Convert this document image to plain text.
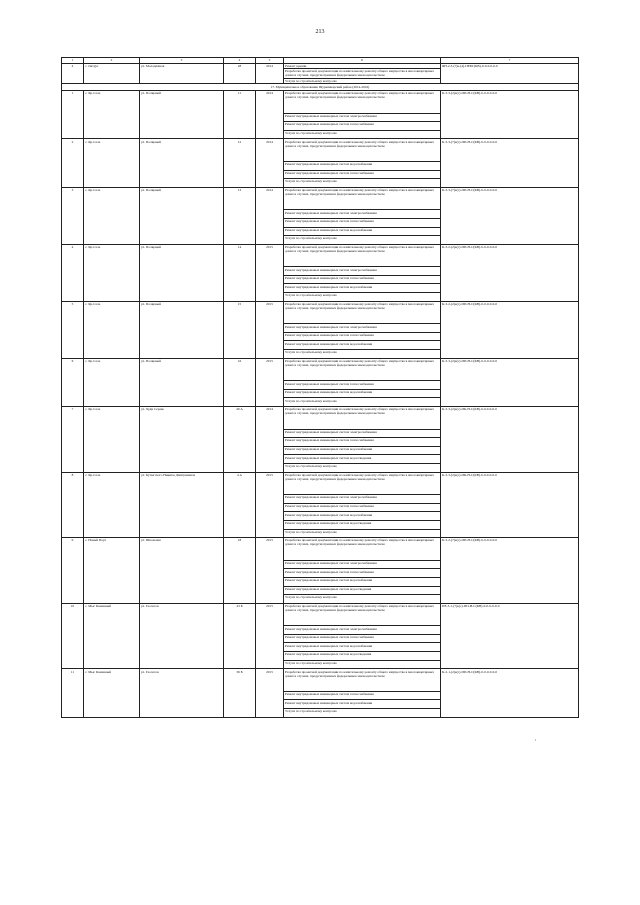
213
1	2	3	4	5	6	7
4	с. Октург	ул. Молодёжная	28	2014	Ремонт крыши	ЯН-2-3-(7)к-(4)-ПЕБС(КВ)-0-0-0-0-0-0
					Разработка проектной документации по капитальному ремонту общего имущества в многоквартирных домах в случаях, предусмотренных федеральным законодательством	
					Услуги по строительному контролю	
17. Муниципальное образование Шурышкарский район (2014-2016)						
1	с. Яр-Сале	ул. Полярный	11	2014	Разработка проектной документации по капитальному ремонту общего имущества в многоквартирных домах в случаях, предусмотренных федеральным законодательством	К-3-3-(2)к(с)-ПП-Н-С(КВ)-0-0-0-0-0-0
					Ремонт внутридомовых инженерных систем электроснабжения	
					Ремонт внутридомовых инженерных систем теплоснабжения	
					Услуги по строительному контролю	
2	с. Яр-Сале	ул. Полярный	12	2014	Разработка проектной документации по капитальному ремонту общего имущества в многоквартирных домах в случаях, предусмотренных федеральным законодательством	К-3-3-(7)к(с)-ПП-Н-С(КВ)-0-0-0-0-0-0
					Ремонт внутридомовых инженерных систем водоснабжения	
					Ремонт внутридомовых инженерных систем теплоснабжения	
					Услуги по строительному контролю	
3	с. Яр-Сале	ул. Полярный	13	2014	Разработка проектной документации по капитальному ремонту общего имущества в многоквартирных домах в случаях, предусмотренных федеральным законодательством	К-3-3-(7)к(с)-ПП-Н-С(КВ)-0-0-0-0-0-0
					Ремонт внутридомовых инженерных систем электроснабжения	
					Ремонт внутридомовых инженерных систем теплоснабжения	
					Ремонт внутридомовых инженерных систем водоснабжения	
					Услуги по строительному контролю	
4	с. Яр-Сале	ул. Полярный	14	2015	Разработка проектной документации по капитальному ремонту общего имущества в многоквартирных домах в случаях, предусмотренных федеральным законодательством	К-3-2-(2)к(с)-ПП-Н-С(КВ)-0-0-0-0-0-0
					Ремонт внутридомовых инженерных систем электроснабжения	
					Ремонт внутридомовых инженерных систем теплоснабжения	
					Ремонт внутридомовых инженерных систем водоснабжения	
					Услуги по строительному контролю	
5	с. Яр-Сале	ул. Полярный	15	2015	Разработка проектной документации по капитальному ремонту общего имущества в многоквартирных домах в случаях, предусмотренных федеральным законодательством	К-3-2-(2)к(с)-ПП-Н-С(КВ)-0-0-0-0-0-0
					Ремонт внутридомовых инженерных систем электроснабжения	
					Ремонт внутридомовых инженерных систем теплоснабжения	
					Ремонт внутридомовых инженерных систем водоснабжения	
					Услуги по строительному контролю	
6	с. Яр-Сале	ул. Полярный	16	2015	Разработка проектной документации по капитальному ремонту общего имущества в многоквартирных домах в случаях, предусмотренных федеральным законодательством	К-3-3-(2)к(с)-ПП-Н-С(КВ)-0-0-0-0-0-0
					Ремонт внутридомовых инженерных систем теплоснабжения	
					Ремонт внутридомовых инженерных систем водоснабжения	
					Услуги по строительному контролю	
7	с. Яр-Сале	ул. Худи Серако	40 А	2014	Разработка проектной документации по капитальному ремонту общего имущества в многоквартирных домах в случаях, предусмотренных федеральным законодательством	К-3-3-(2)к(с)-ПК-Н-С(КВ)-0-0-0-0-0-0
					Ремонт внутридомовых инженерных систем электроснабжения	
					Ремонт внутридомовых инженерных систем теплоснабжения	
					Ремонт внутридомовых инженерных систем водоснабжения	
					Ремонт внутридомовых инженерных систем водоотведения	
					Услуги по строительному контролю	
8	с. Яр-Сале	ул. Кутыгского Никиты Дмитриевича	4 А	2015	Разработка проектной документации по капитальному ремонту общего имущества в многоквартирных домах в случаях, предусмотренных федеральным законодательством	К-3-3-(2)к(с)-ПК-Н-С(КВ)-0-0-0-0-0-0
					Ремонт внутридомовых инженерных систем электроснабжения	
					Ремонт внутридомовых инженерных систем теплоснабжения	
					Ремонт внутридомовых инженерных систем водоснабжения	
					Ремонт внутридомовых инженерных систем водоотведения	
					Услуги по строительному контролю	
9	с. Новый Порт	ул. Школьная	18	2015	Разработка проектной документации по капитальному ремонту общего имущества в многоквартирных домах в случаях, предусмотренных федеральным законодательством	К-3-2-(7)к(с)-ПП-Н-С(КВ)-0-0-0-0-0-0
					Ремонт внутридомовых инженерных систем электроснабжения	
					Ремонт внутридомовых инженерных систем теплоснабжения	
					Ремонт внутридомовых инженерных систем водоснабжения	
					Ремонт внутридомовых инженерных систем водоотведения	
					Услуги по строительному контролю	
10	с. Мыс Каменный	ул. Геологов	43 Б	2015	Разработка проектной документации по капитальному ремонту общего имущества в многоквартирных домах в случаях, предусмотренных федеральным законодательством	ПЕ-3-1-(7)к(с)-ПП-Н-С(КВ)-0-0-0-0-0-0
					Ремонт внутридомовых инженерных систем электроснабжения	
					Ремонт внутридомовых инженерных систем теплоснабжения	
					Ремонт внутридомовых инженерных систем водоснабжения	
					Ремонт внутридомовых инженерных систем водоотведения	
					Услуги по строительному контролю	
11	с. Мыс Каменный	ул. Геологов	36 Б	2015	Разработка проектной документации по капитальному ремонту общего имущества в многоквартирных домах в случаях, предусмотренных федеральным законодательством	К-2-1-(2)к(с)-ПП-Н-С(КВ)-0-0-0-0-0-0
					Ремонт внутридомовых инженерных систем теплоснабжения	
					Ремонт внутридомовых инженерных систем водоснабжения	
					Услуги по строительному контролю	
,
